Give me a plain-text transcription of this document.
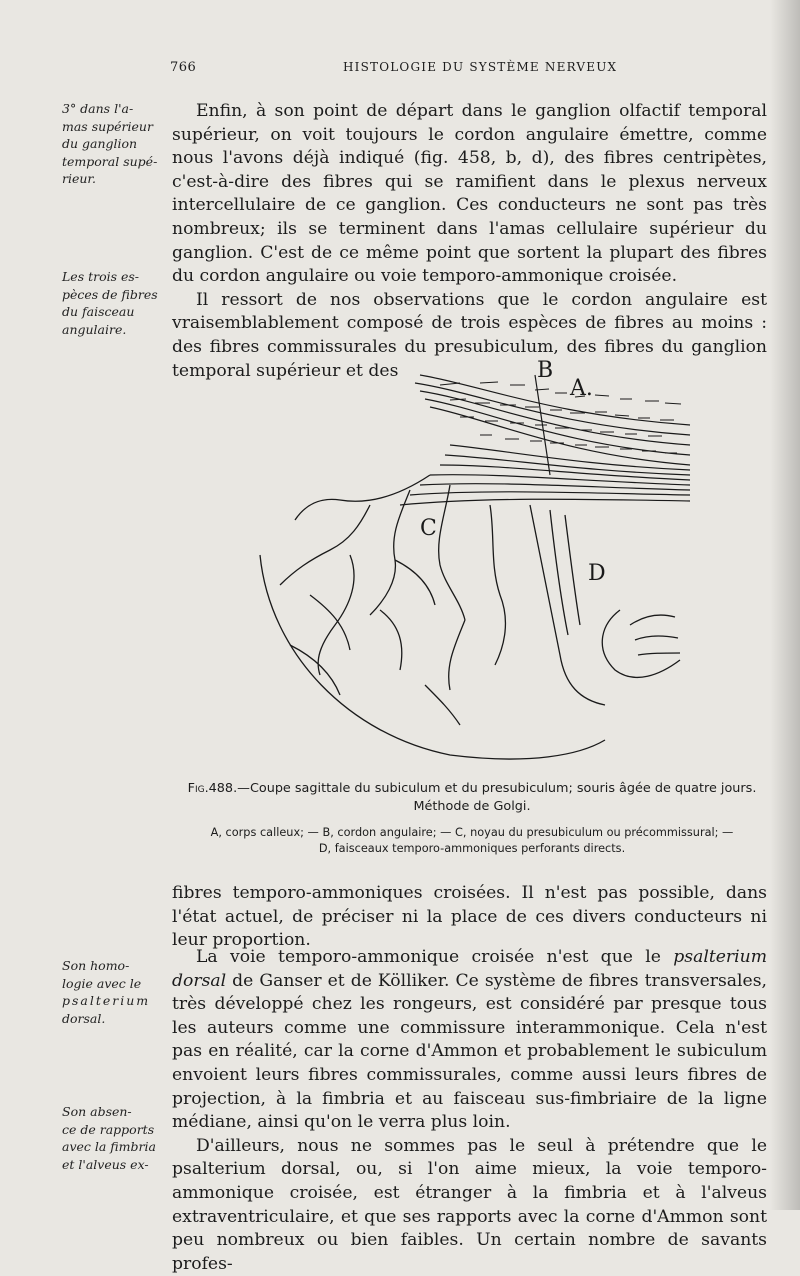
766	HISTOLOGIE DU SYSTÈME NERVEUX
3° dans l'a-
mas supérieur
du ganglion
temporal supé-
rieur.
Les trois es-
pèces de fibres
du faisceau
angulaire.
Son homo-
logie avec le
psalterium
dorsal.
Son absen-
ce de rapports
avec la fimbria
et l'alveus ex-

Enfin, à son point de départ dans le ganglion olfactif temporal supérieur, on voit toujours le cordon angulaire émettre, comme nous l'avons déjà indiqué (fig. 458, b, d), des fibres centripètes, c'est-à-dire des fibres qui se ramifient dans le plexus nerveux intercellulaire de ce ganglion. Ces conducteurs ne sont pas très nombreux; ils se terminent dans l'amas cellulaire supérieur du ganglion. C'est de ce même point que sortent la plupart des fibres du cordon angulaire ou voie temporo-ammonique croisée.

Il ressort de nos observations que le cordon angulaire est vraisemblablement composé de trois espèces de fibres au moins : des fibres commissurales du presubiculum, des fibres du ganglion temporal supérieur et des	B
A.
C
D
Fig.488.—Coupe sagittale du subiculum et du presubiculum; souris âgée de quatre jours. Méthode de Golgi.
A, corps calleux; — B, cordon angulaire; — C, noyau du presubiculum ou précommissural; —
D, faisceaux temporo-ammoniques perforants directs.

fibres temporo-ammoniques croisées. Il n'est pas possible, dans l'état actuel, de préciser ni la place de ces divers conducteurs ni leur proportion.

La voie temporo-ammonique croisée n'est que le psalterium dorsal de Ganser et de Kölliker. Ce système de fibres transversales, très développé chez les rongeurs, est considéré par presque tous les auteurs comme une commissure interammonique. Cela n'est pas en réalité, car la corne d'Ammon et probablement le subiculum envoient leurs fibres commissurales, comme aussi leurs fibres de projection, à la fimbria et au faisceau sus-fimbriaire de la ligne médiane, ainsi qu'on le verra plus loin.

D'ailleurs, nous ne sommes pas le seul à prétendre que le psalterium dorsal, ou, si l'on aime mieux, la voie temporo-ammonique croisée, est étranger à la fimbria et à l'alveus extraventriculaire, et que ses rapports avec la corne d'Ammon sont peu nombreux ou bien faibles. Un certain nombre de savants profes-
